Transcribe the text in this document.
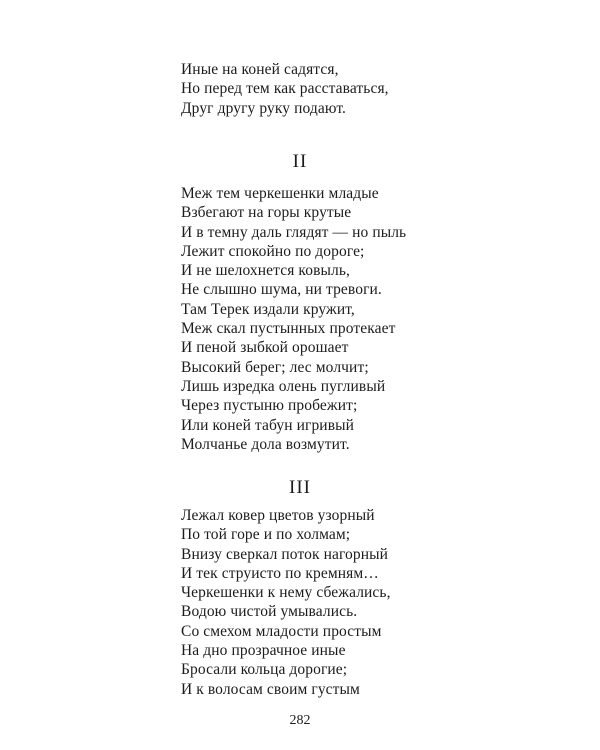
Иные на коней садятся,
Но перед тем как расставаться,
Друг другу руку подают.
II
Меж тем черкешенки младые
Взбегают на горы крутые
И в темну даль глядят — но пыль
Лежит спокойно по дороге;
И не шелохнется ковыль,
Не слышно шума, ни тревоги.
Там Терек издали кружит,
Меж скал пустынных протекает
И пеной зыбкой орошает
Высокий берег; лес молчит;
Лишь изредка олень пугливый
Через пустыню пробежит;
Или коней табун игривый
Молчанье дола возмутит.
III
Лежал ковер цветов узорный
По той горе и по холмам;
Внизу сверкал поток нагорный
И тек струисто по кремням…
Черкешенки к нему сбежались,
Водою чистой умывались.
Со смехом младости простым
На дно прозрачное иные
Бросали кольца дорогие;
И к волосам своим густым
282
